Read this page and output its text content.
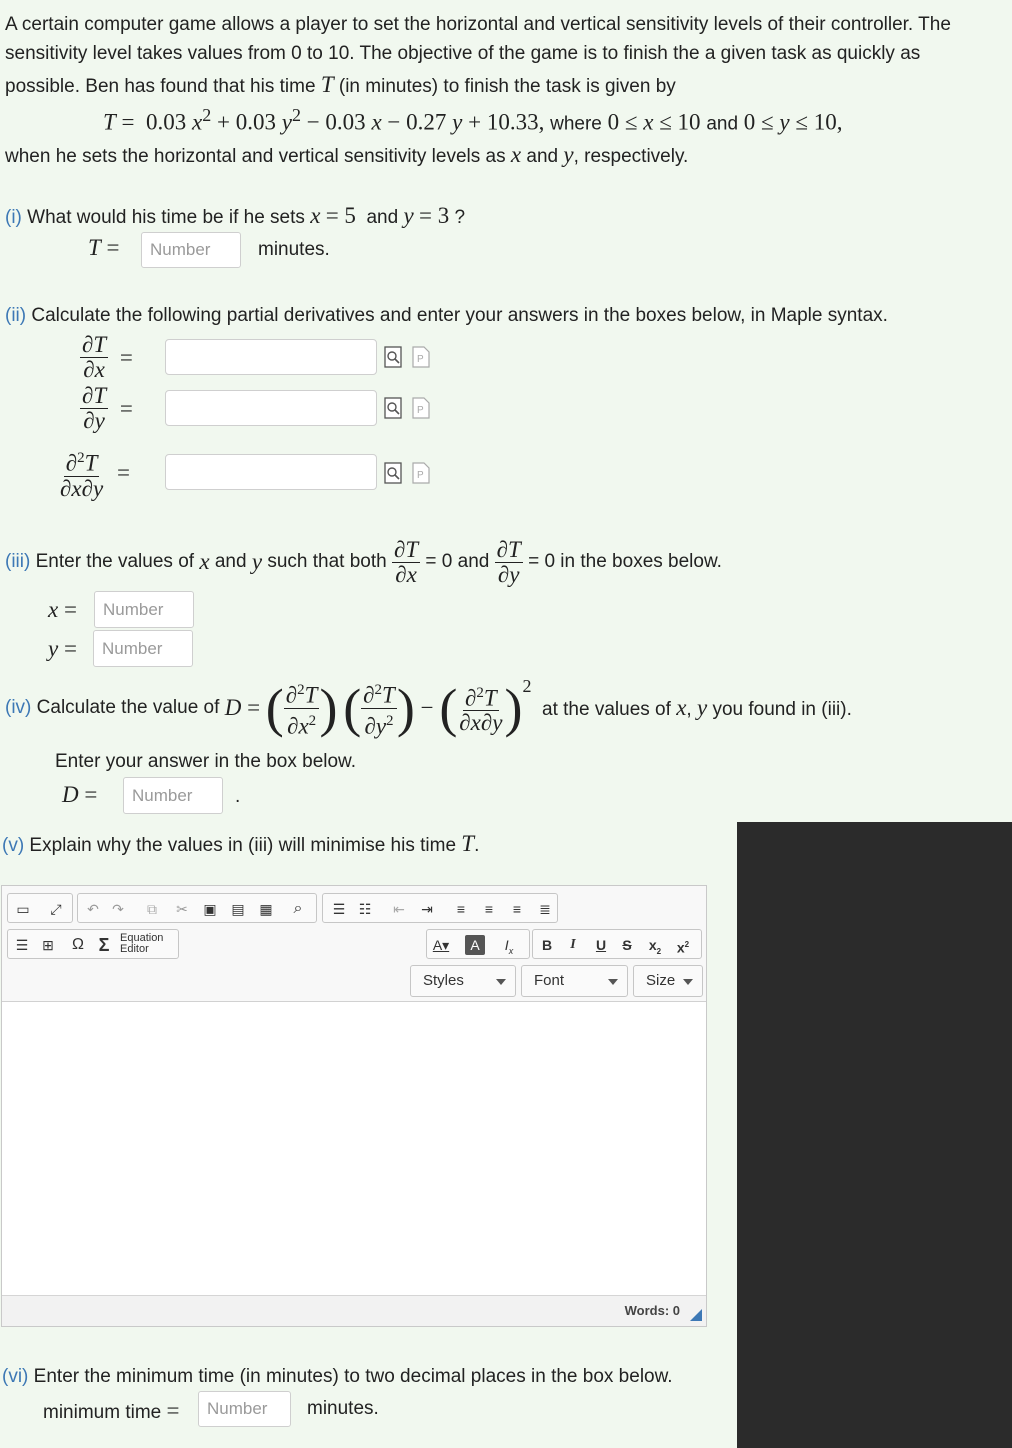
A certain computer game allows a player to set the horizontal and vertical sensitivity levels of their controller. The
sensitivity level takes values from 0 to 10. The objective of the game is to finish the a given task as quickly as
possible. Ben has found that his time T (in minutes) to finish the task is given by
T =  0.03 $x^2 + 0.03$ $y^2 - 0.03$ x − 0.27 y + 10.33, where 0 ≤ x ≤ 10 and 0 ≤ y ≤ 10,
when he sets the horizontal and vertical sensitivity levels as x and y, respectively.
(i) What would his time be if he sets x = 5  and y = 3 ?
T =
Number	minutes.
(ii) Calculate the following partial derivatives and enter your answers in the boxes below, in Maple syntax.
$\frac{\partial T}{\partial x}$ =	P
$\frac{\partial T}{\partial y}$ =	P
$\frac{\partial^2T}{\partial x\partial y}$ =	P
(iii)
Enter the values of
x
and
y
such that both
$\frac{\partial T}{\partial x}$
= 0 and
$\frac{\partial T}{\partial y}$
= 0 in the boxes below.
x =
Number
y =
Number
(iv)
Calculate the value of
D = ( $\frac{\partial^2T}{\partial x^2}$ )
( $\frac{\partial^2T}{\partial y^2}$ ) − ( $\frac{\partial^2T}{\partial x\partial y} )^2$

at the values of x, y you found in (iii).
Enter your answer in the box below.
D =
Number	.
(v) Explain why the values in (iii) will minimise his time T.
▭	⤢	↶ ↷	⧉	✂ ▣ ▤ ▦	⌕	☰ ☷ ⇤ ⇥	≡	≡	≡	≣
☰ ⊞ Ω Σ Equation
Editor	A▾	A	$I_x$	B	I	U	S	$x_2$ $x^2$
Styles	Font	Size
Words: 0
(vi) Enter the minimum time (in minutes) to two decimal places in the box below.
minimum time =
Number	minutes.
